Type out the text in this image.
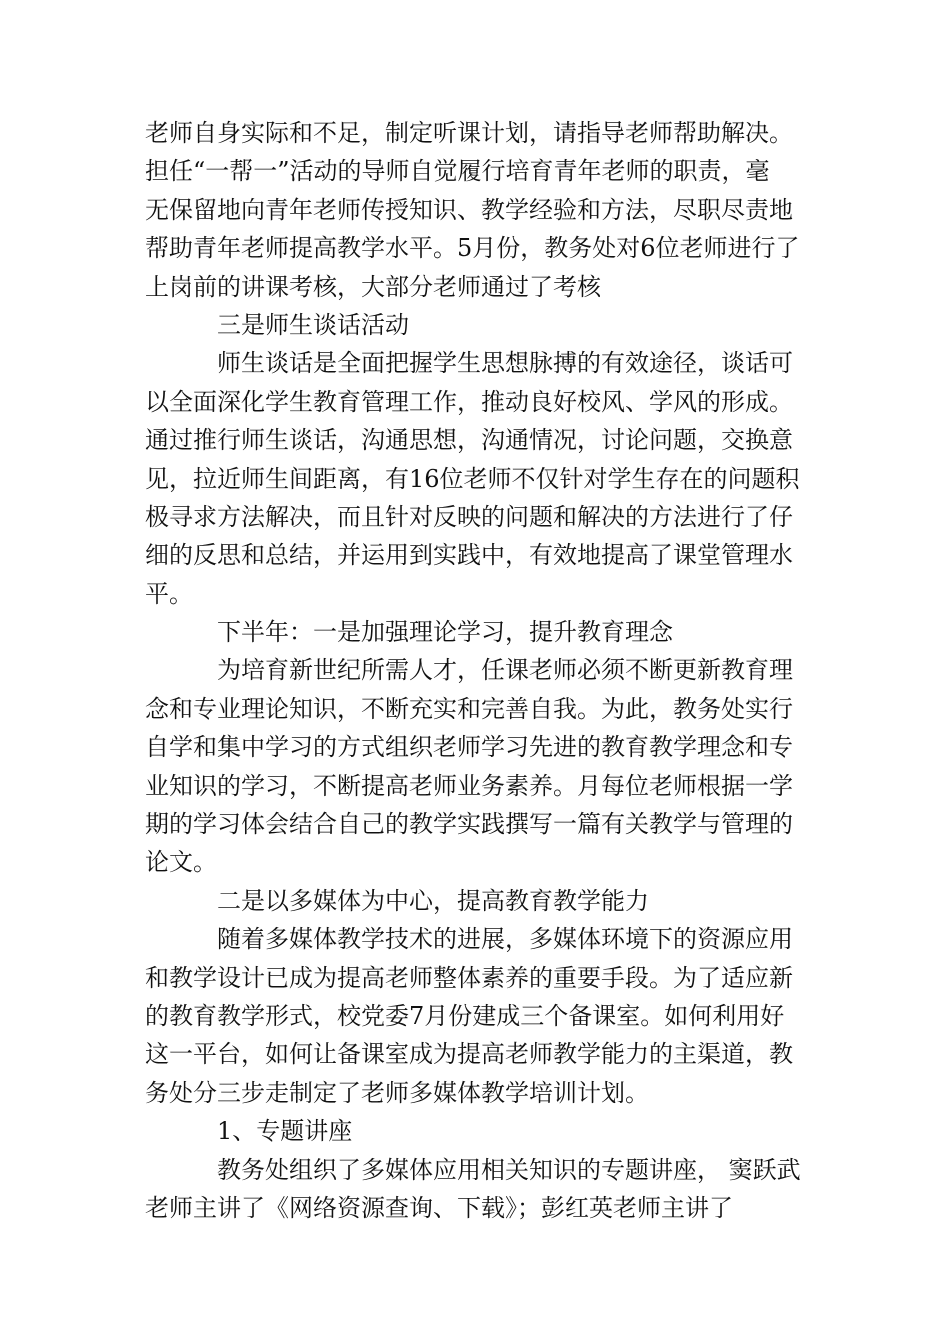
老师自身实际和不足，制定听课计划，请指导老师帮助解决。
担任“一帮一”活动的导师自觉履行培育青年老师的职责，毫
无保留地向青年老师传授知识、教学经验和方法，尽职尽责地
帮助青年老师提高教学水平。5月份，教务处对6位老师进行了
上岗前的讲课考核，大部分老师通过了考核
三是师生谈话活动
师生谈话是全面把握学生思想脉搏的有效途径，谈话可
以全面深化学生教育管理工作，推动良好校风、学风的形成。
通过推行师生谈话，沟通思想，沟通情况，讨论问题，交换意
见，拉近师生间距离，有16位老师不仅针对学生存在的问题积
极寻求方法解决，而且针对反映的问题和解决的方法进行了仔
细的反思和总结，并运用到实践中，有效地提高了课堂管理水
平。
下半年：一是加强理论学习，提升教育理念
为培育新世纪所需人才，任课老师必须不断更新教育理
念和专业理论知识，不断充实和完善自我。为此，教务处实行
自学和集中学习的方式组织老师学习先进的教育教学理念和专
业知识的学习，不断提高老师业务素养。月每位老师根据一学
期的学习体会结合自己的教学实践撰写一篇有关教学与管理的
论文。
二是以多媒体为中心，提高教育教学能力
随着多媒体教学技术的进展，多媒体环境下的资源应用
和教学设计已成为提高老师整体素养的重要手段。为了适应新
的教育教学形式，校党委7月份建成三个备课室。如何利用好
这一平台，如何让备课室成为提高老师教学能力的主渠道，教
务处分三步走制定了老师多媒体教学培训计划。
1、专题讲座
教务处组织了多媒体应用相关知识的专题讲座， 窦跃武
老师主讲了《网络资源查询、下载》；彭红英老师主讲了
